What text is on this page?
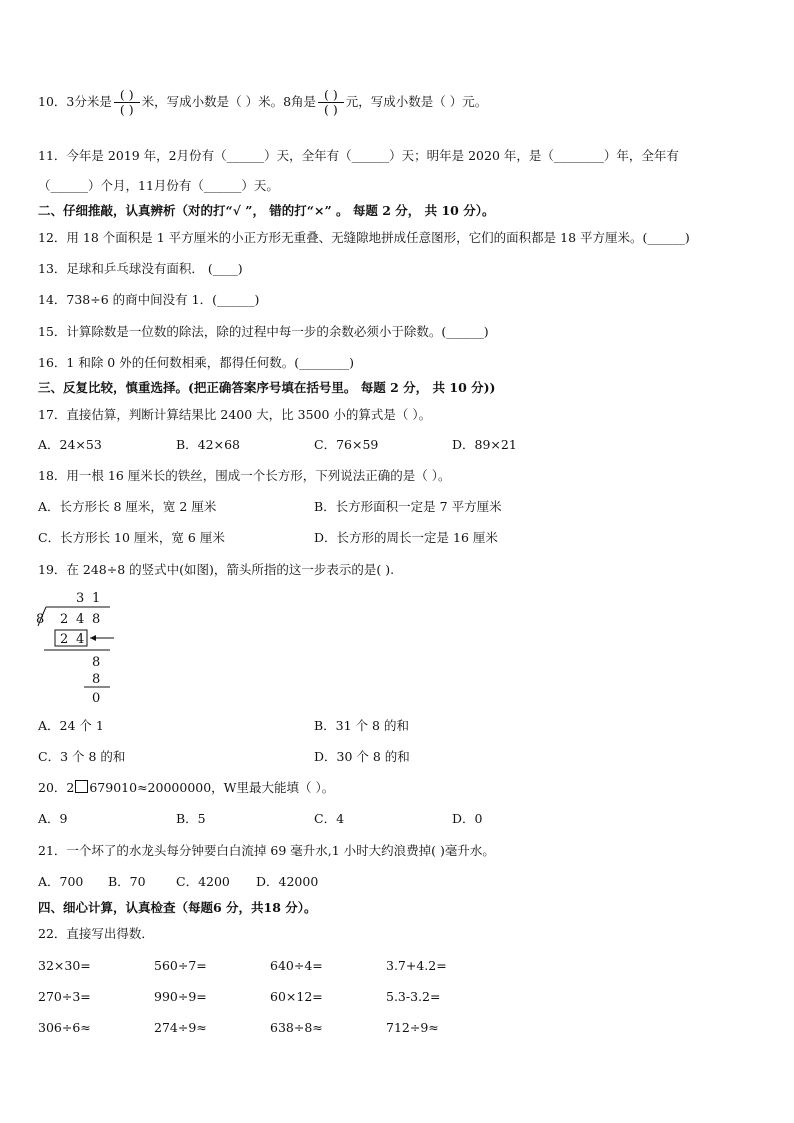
10．3分米是 $\frac{( )}{( )}$ 米，写成小数是（ ）米。8角是 $\frac{( )}{( )}$ 元，写成小数是（ ）元。
11．今年是 2019 年，2月份有（______）天，全年有（______）天；明年是 2020 年，是（________）年，全年有
（______）个月，11月份有（______）天。
二、仔细推敲，认真辨析（对的打“√ ”， 错的打“×” 。 每题 2 分， 共 10 分）。
12．用 18 个面积是 1 平方厘米的小正方形无重叠、无缝隙地拼成任意图形，它们的面积都是 18 平方厘米。(______)
13．足球和乒乓球没有面积． (____)
14．738÷6 的商中间没有 1．(______)
15．计算除数是一位数的除法，除的过程中每一步的余数必须小于除数。(______)
16．1 和除 0 外的任何数相乘，都得任何数。(________)
三、反复比较，慎重选择。(把正确答案序号填在括号里。 每题 2 分， 共 10 分))
17．直接估算，判断计算结果比 2400 大，比 3500 小的算式是（ ）。
A．24×53	B．42×68	C．76×59	D．89×21
18．用一根 16 厘米长的铁丝，围成一个长方形，下列说法正确的是（ ）。
A．长方形长 8 厘米，宽 2 厘米	B．长方形面积一定是 7 平方厘米
C．长方形长 10 厘米，宽 6 厘米	D．长方形的周长一定是 16 厘米
19．在 248÷8 的竖式中(如图)，箭头所指的这一步表示的是( ).
3 1
8 2 4 8
2 4
8
8
0
A．24 个 1	B．31 个 8 的和
C．3 个 8 的和	D．30 个 8 的和
20．2 679010≈20000000，W里最大能填（ ）。
A．9	B．5	C．4	D．0
21．一个坏了的水龙头每分钟要白白流掉 69 毫升水,1 小时大约浪费掉( )毫升水。
A．700 B．70 C．4200 D．42000
四、细心计算，认真检查（每题6 分，共18 分）。
22．直接写出得数．
32×30=	560÷7=	640÷4=	3.7+4.2=
270÷3=	990÷9=	60×12=	5.3-3.2=
306÷6≈	274÷9≈	638÷8≈	712÷9≈
